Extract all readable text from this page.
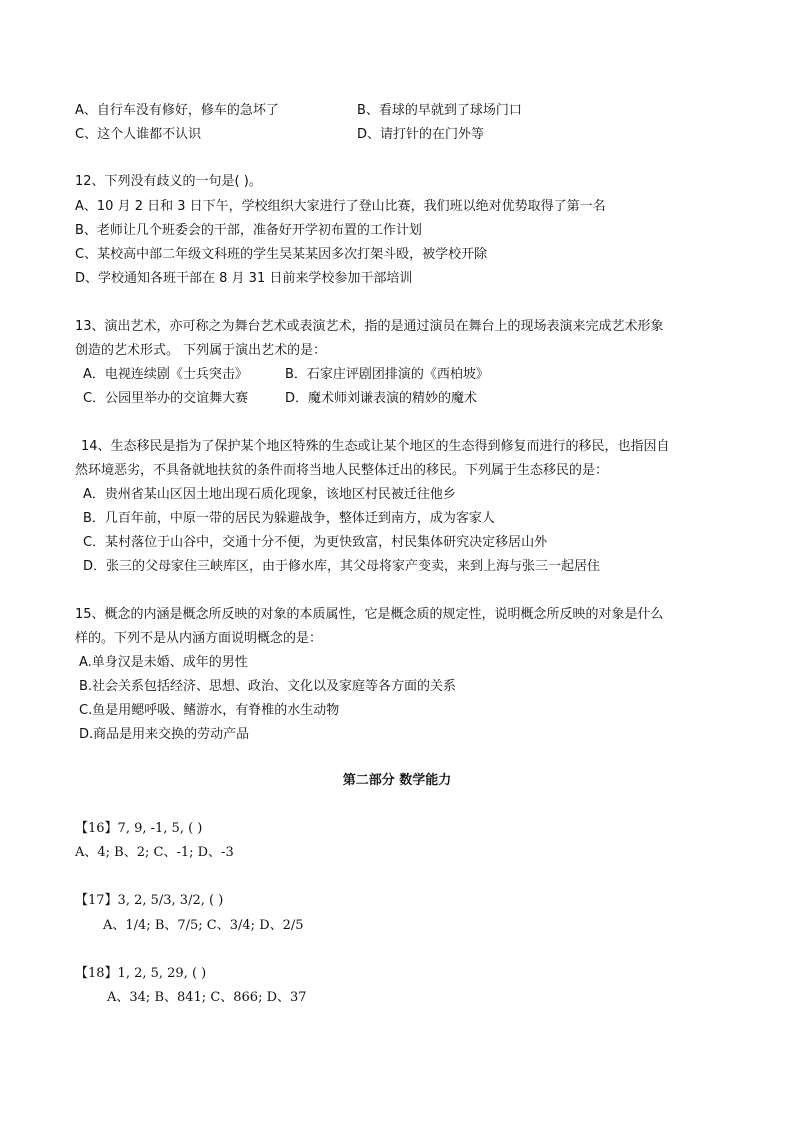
A、自行车没有修好，修车的急坏了	B、看球的早就到了球场门口
C、这个人谁都不认识	D、请打针的在门外等
12、下列没有歧义的一句是( )。
A、10 月 2 日和 3 日下午，学校组织大家进行了登山比赛，我们班以绝对优势取得了第一名
B、老师让几个班委会的干部，准备好开学初布置的工作计划
C、某校高中部二年级文科班的学生吴某某因多次打架斗殴，被学校开除
D、学校通知各班干部在 8 月 31 日前来学校参加干部培训
13、演出艺术，亦可称之为舞台艺术或表演艺术，指的是通过演员在舞台上的现场表演来完成艺术形象
创造的艺术形式。 下列属于演出艺术的是：
A．电视连续剧《士兵突击》	B．石家庄评剧团排演的《西柏坡》
C．公园里举办的交谊舞大赛	D．魔术师刘谦表演的精妙的魔术
14、生态移民是指为了保护某个地区特殊的生态或让某个地区的生态得到修复而进行的移民，也指因自
然环境恶劣，不具备就地扶贫的条件而将当地人民整体迁出的移民。下列属于生态移民的是：
A．贵州省某山区因土地出现石质化现象，该地区村民被迁往他乡
B．几百年前，中原一带的居民为躲避战争，整体迁到南方，成为客家人
C．某村落位于山谷中，交通十分不便，为更快致富，村民集体研究决定移居山外
D．张三的父母家住三峡库区，由于修水库，其父母将家产变卖，来到上海与张三一起居住
15、概念的内涵是概念所反映的对象的本质属性，它是概念质的规定性，说明概念所反映的对象是什么
样的。下列不是从内涵方面说明概念的是：
A.单身汉是未婚、成年的男性
B.社会关系包括经济、思想、政治、文化以及家庭等各方面的关系
C.鱼是用鳃呼吸、鳍游水，有脊椎的水生动物
D.商品是用来交换的劳动产品
第二部分 数学能力
【16】7, 9, -1, 5, ( )
A、4; B、2; C、-1; D、-3
【17】3, 2, 5/3, 3/2, ( )
A、1/4; B、7/5; C、3/4; D、2/5
【18】1, 2, 5, 29, ( )
A、34; B、841; C、866; D、37
